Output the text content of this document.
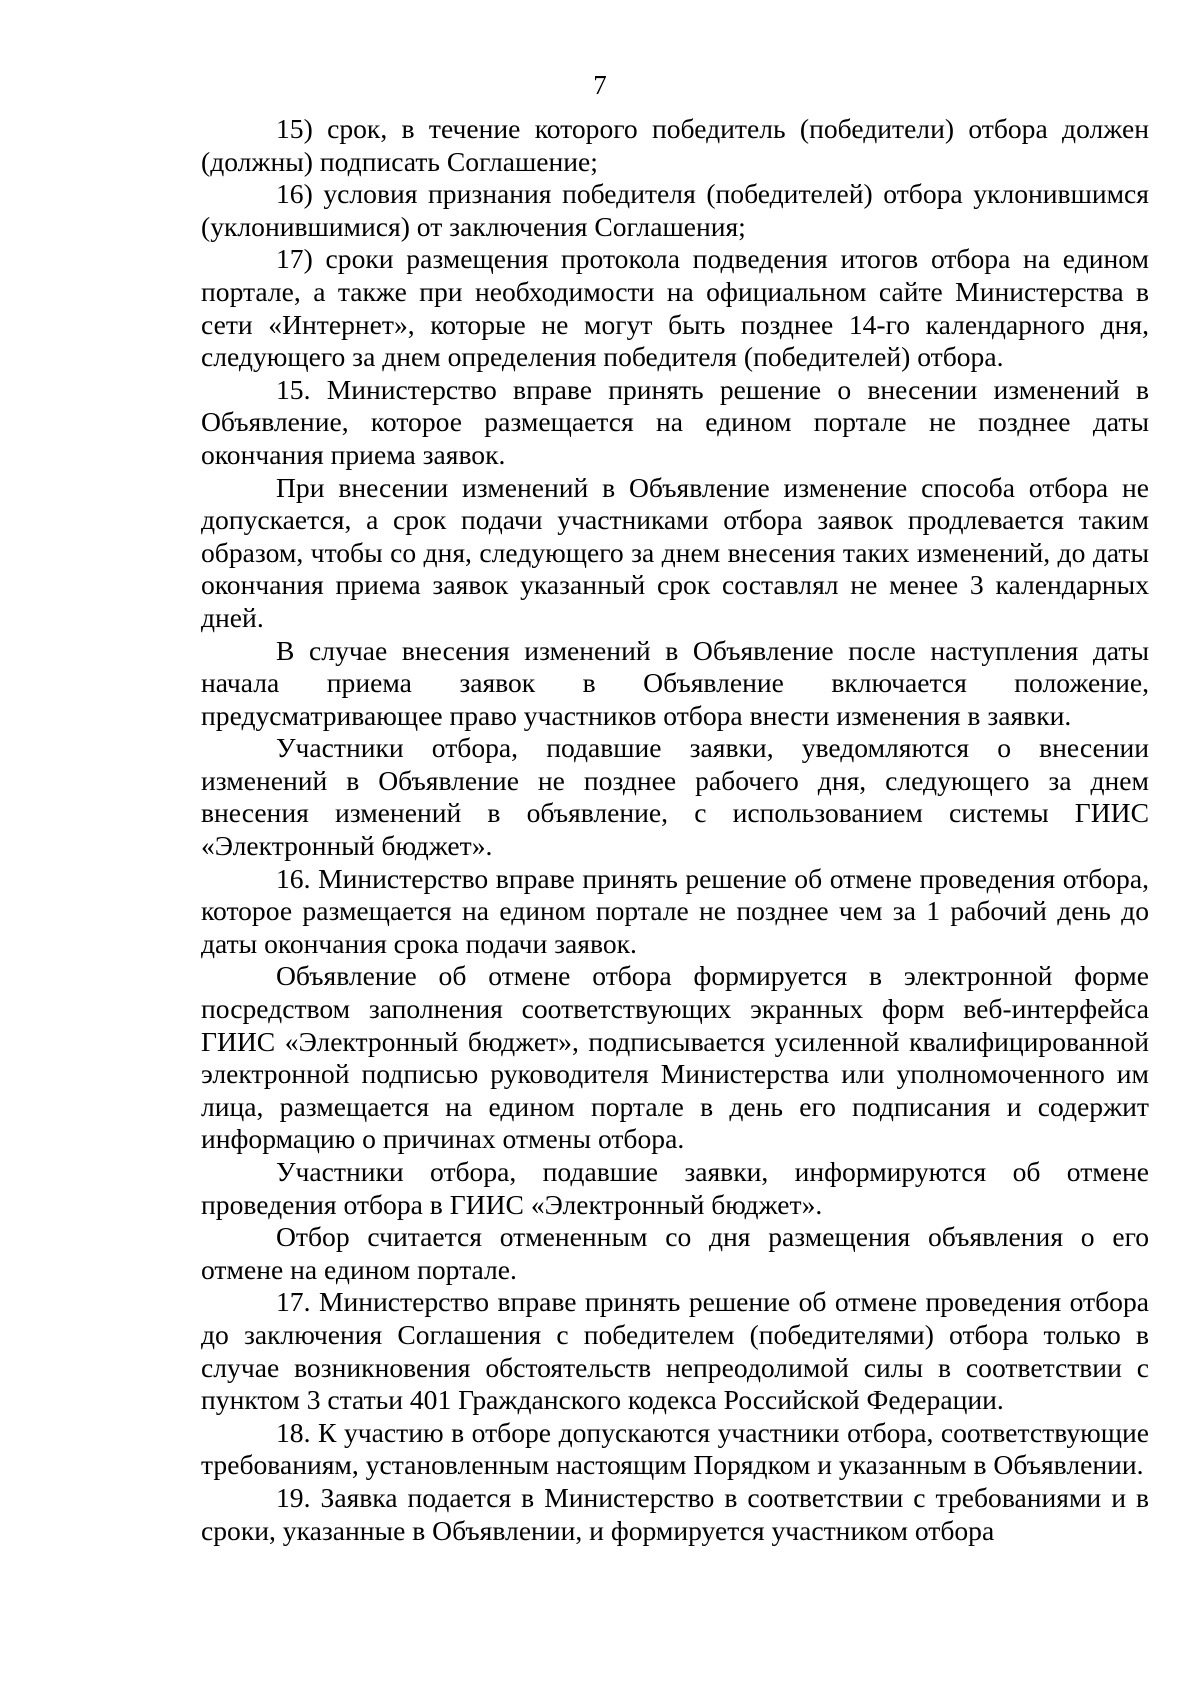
7

15) срок, в течение которого победитель (победители) отбора должен (должны) подписать Соглашение;

16) условия признания победителя (победителей) отбора уклонившимся (уклонившимися) от заключения Соглашения;

17) сроки размещения протокола подведения итогов отбора на едином портале, а также при необходимости на официальном сайте Министерства в сети «Интернет», которые не могут быть позднее 14-го календарного дня, следующего за днем определения победителя (победителей) отбора.

15. Министерство вправе принять решение о внесении изменений в Объявление, которое размещается на едином портале не позднее даты окончания приема заявок.

При внесении изменений в Объявление изменение способа отбора не допускается, а срок подачи участниками отбора заявок продлевается таким образом, чтобы со дня, следующего за днем внесения таких изменений, до даты окончания приема заявок указанный срок составлял не менее 3 календарных дней.

В случае внесения изменений в Объявление после наступления даты начала приема заявок в Объявление включается положение, предусматривающее право участников отбора внести изменения в заявки.

Участники отбора, подавшие заявки, уведомляются о внесении изменений в Объявление не позднее рабочего дня, следующего за днем внесения изменений в объявление, с использованием системы ГИИС «Электронный бюджет».

16. Министерство вправе принять решение об отмене проведения отбора, которое размещается на едином портале не позднее чем за 1 рабочий день до даты окончания срока подачи заявок.

Объявление об отмене отбора формируется в электронной форме посредством заполнения соответствующих экранных форм веб-интерфейса ГИИС «Электронный бюджет», подписывается усиленной квалифицированной электронной подписью руководителя Министерства или уполномоченного им лица, размещается на едином портале в день его подписания и содержит информацию о причинах отмены отбора.

Участники отбора, подавшие заявки, информируются об отмене проведения отбора в ГИИС «Электронный бюджет».

Отбор считается отмененным со дня размещения объявления о его отмене на едином портале.

17. Министерство вправе принять решение об отмене проведения отбора до заключения Соглашения с победителем (победителями) отбора только в случае возникновения обстоятельств непреодолимой силы в соответствии с пунктом 3 статьи 401 Гражданского кодекса Российской Федерации.

18. К участию в отборе допускаются участники отбора, соответствующие требованиям, установленным настоящим Порядком и указанным в Объявлении.

19. Заявка подается в Министерство в соответствии с требованиями и в сроки, указанные в Объявлении, и формируется участником отбора
